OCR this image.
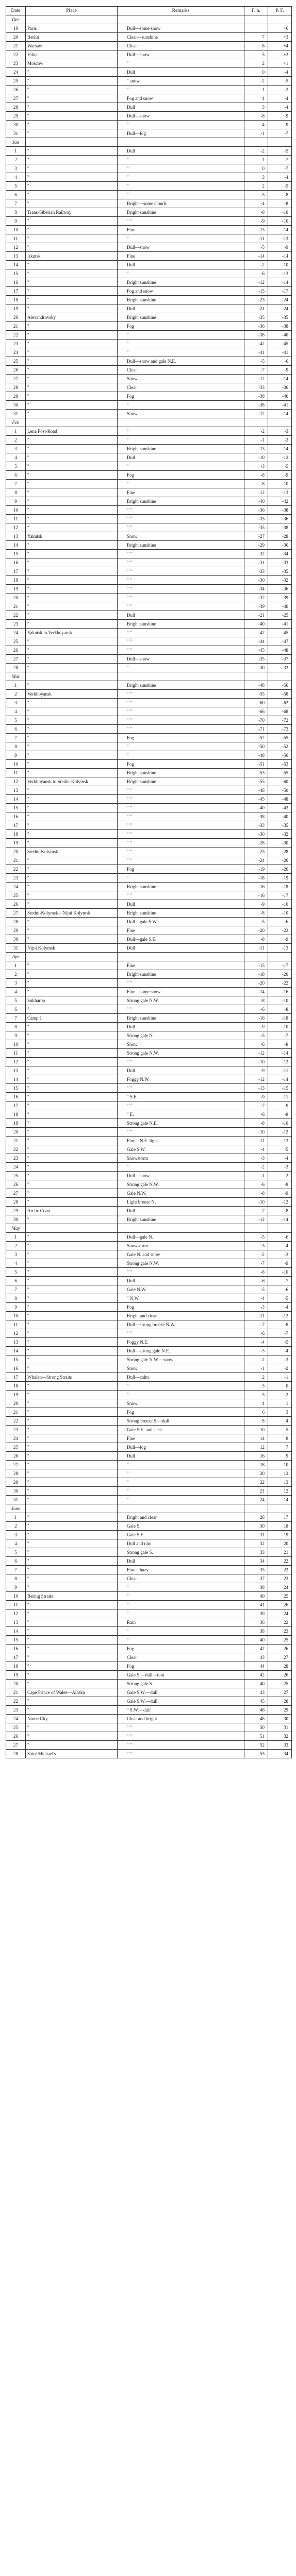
Date	Place	Remarks	F. h.	P. F.
Dec				
19	Paris	Dull—some snow		+6
20	Berlin	Clear—sunshine	7	+3
21	Warsaw	Clear	8	+4
22	Vilna	Dull—snow	5	+2
23	Moscow	"	2	+1
24	"	Dull	0	-4
25	"	" snow	-2	-5
26	"	"	1	-2
27	"	Fog and snow	4	-4
28	"	Dull	3	-4
29	"	Dull—snow	-8	-9
30	"	"	-4	-9
31	"	Dull—fog	-1	-7
Jan				
1	"	Dull	-2	-5
2	"	"	1	-7
3	"	"	0	-7
4	"	"	3	-4
5	"	"	2	-5
6	"	"	-3	-8
7	"	Bright—some clouds	-4	-8
8	Trans-Siberian Railway	Bright sunshine	-8	-10
9	"	" "	-9	-10
10	"	Fine	-13	-14
11	"	"	-11	-13
12	"	Dull—snow	-5	-9
13	Irkutsk	Fine	-14	-14
14	"	Dull	-2	-10
15	"	"	-6	-13
16	"	Bright sunshine	-12	-14
17	"	Fog and snow	-15	-17
18	"	Bright sunshine	-23	-24
19	"	Dull	-21	-24
20	Alexandrovsky	Bright sunshine	-35	-35
21	"	Fog	-36	-38
22	"	"	-38	-40
23	"	"	-42	-45
24	"	"	-41	-41
25	"	Dull—snow and gale N.E.	-5	-6
26	"	Clear	-7	-9
27	"	Snow	-12	-14
28	"	Clear	-33	-36
29	"	Fog	-38	-40
30	"	"	-38	-41
31	"	Snow	-12	-14
Feb				
1	Lena Post-Road	"	-2	-3
2	"	"	-1	-3
3	"	Bright sunshine	-13	-14
4	"	Dull	-10	-12
5	"	"	-3	-5
6	"	Fog	-8	-9
7	"	"	-8	-10
8	"	Fine	-12	-13
9	"	Bright sunshine	-40	-42
10	"	" "	-36	-38
11	"	" "	-33	-36
12	"	" "	-35	-38
13	Yakutsk	Snow	-27	-28
14	"	Bright sunshine	-29	-30
15	"	" "	-32	-34
16	"	" "	-31	-33
17	"	" "	-33	-35
18	"	" "	-30	-32
19	"	" "	-34	-36
20	"	" "	-37	-39
21	"	" "	-39	-40
22	"	Dull	-21	-25
23	"	Bright sunshine	-40	-41
24	Yakutsk to Verkhoyansk	" "	-42	-45
25	"	" "	-44	-47
26	"	" "	-45	-48
27	"	Dull—snow	-35	-37
28	"	"	-30	-33
Mar				
1	"	Bright sunshine	-48	-50
2	Verkhoyansk	" "	-55	-58
3	"	" "	-60	-62
4	"	" "	-66	-68
5	"	" "	-70	-72
6	"	" "	-71	-73
7	"	Fog	-52	-55
8	"	"	-50	-52
9	"	"	-48	-50
10	"	Fog	-51	-53
11	"	Bright sunshine	-53	-55
12	Verkhoyansk to Sredni-Kolymsk	Bright sunshine	-55	-60
13	"	" "	-48	-50
14	"	" "	-45	-48
15	"	" "	-40	-43
16	"	" "	-38	-40
17	"	" "	-33	-35
18	"	" "	-30	-32
19	"	" "	-28	-30
20	Sredni-Kolymsk	" "	-25	-28
21	"	" "	-24	-26
22	"	Fog	-19	-20
23	"	"	-18	-19
24	"	Bright sunshine	-16	-18
25	"	" "	-16	-17
26	"	Dull	-9	-10
27	Sredni-Kolymsk—Nijni Kolymsk	Bright sunshine	-8	-10
28	"	Dull—gale S.W.	-5	-6
29	"	Fine	-20	-22
30	"	Dull—gale S.E.	-8	-9
31	Nijni Kolymsk	Dull	-11	-13
Apr				
1	"	Fine	-15	-17
2	"	Bright sunshine	-18	-20
3	"	" "	-20	-22
4	"	Fine—some snow	-14	-16
5	Sukharno	Strong gale N.W.	-8	-10
6	"	" "	-6	-8
7	Camp 1	Bright sunshine	-16	-18
8	"	Dull	-9	-10
9	"	Strong gale N.	-5	-7
10	"	Snow	-6	-8
11	"	Strong gale N.W.	-12	-14
12	"	" "	-10	-12
13	"	Dull	-9	-11
14	"	Foggy N.W.	-12	-14
15	"	" "	-13	-15
16	"	" S.E.	-9	-11
17	"	" "	-7	-9
18	"	" E.	-6	-8
19	"	Strong gale N.E.	-8	-10
20	"	" "	-10	-12
21	"	Fine—N.E. light	-11	-13
22	"	Gale S.W.	-4	-5
23	"	Snowstorm	-3	-4
24	"	"	-2	-3
25	"	Dull—snow	-1	-2
26	"	Strong gale N.W.	-6	-8
27	"	Gale N.W.	-8	-9
28	"	Light breeze N.	-10	-12
29	Arctic Coast	Dull	-7	-8
30	"	Bright sunshine	-12	-14
May				
1	"	Dull—gale N.	-5	-6
2	"	Snowstorm	-3	-4
3	"	Gale N. and snow	-2	-3
4	"	Strong gale N.W.	-7	-9
5	"	" "	-8	-10
6	"	Dull	-6	-7
7	"	Gale N.W.	-5	-6
8	"	" N.W.	-4	-5
9	"	Fog	-3	-4
10	"	Bright and clear	-11	-12
11	"	Dull—strong breeze N.W.	-7	-8
12	"	" "	-6	-7
13	"	Foggy N.E.	-4	-5
14	"	Dull—strong gale N.E.	-3	-4
15	"	Strong gale N.W.—snow	-2	-3
16	"	Snow	-1	-2
17	Whalen—Strong Straits	Dull—calm	2	-1
18	"	"	3	0
19	"	"	5	2
20	"	Snow	4	1
21	"	Fog	6	3
22	"	Strong breeze S.—dull	8	4
23	"	Gale S.E. and sleet	10	5
24	"	Fine	14	8
25	"	Dull—fog	12	7
26	"	Dull	16	9
27	"	"	18	10
28	"	"	20	12
29	"	"	22	13
30	"	"	21	12
31	"	"	24	14
June				
1	"	Bright and clear	28	17
2	"	Gale S.	30	18
3	"	Gale S.E.	31	19
4	"	Dull and rain	32	20
5	"	Strong gale S.	33	21
6	"	Dull	34	22
7	"	Fine—hazy	35	22
8	"	Clear	37	23
9	"	"	38	24
10	Bering Straits	"	40	25
11	"	"	41	26
12	"	"	39	24
13	"	Rain	36	22
14	"	"	38	23
15	"	"	40	25
16	"	Fog	42	26
17	"	Clear	43	27
18	"	Fog	44	28
19	"	Gale S.—dull—rain	42	26
20	"	Strong gale S.	40	25
21	Cape Prince of Wales—Alaska	Gale S.W.—dull	43	27
22	"	Gale S.W.—dull	45	28
23	"	" S.W.—dull	46	29
24	Nome City	Clear and bright	48	30
25	"	" "	50	31
26	"	" "	51	32
27	"	" "	52	33
28	Saint Michael's	" "	53	34
